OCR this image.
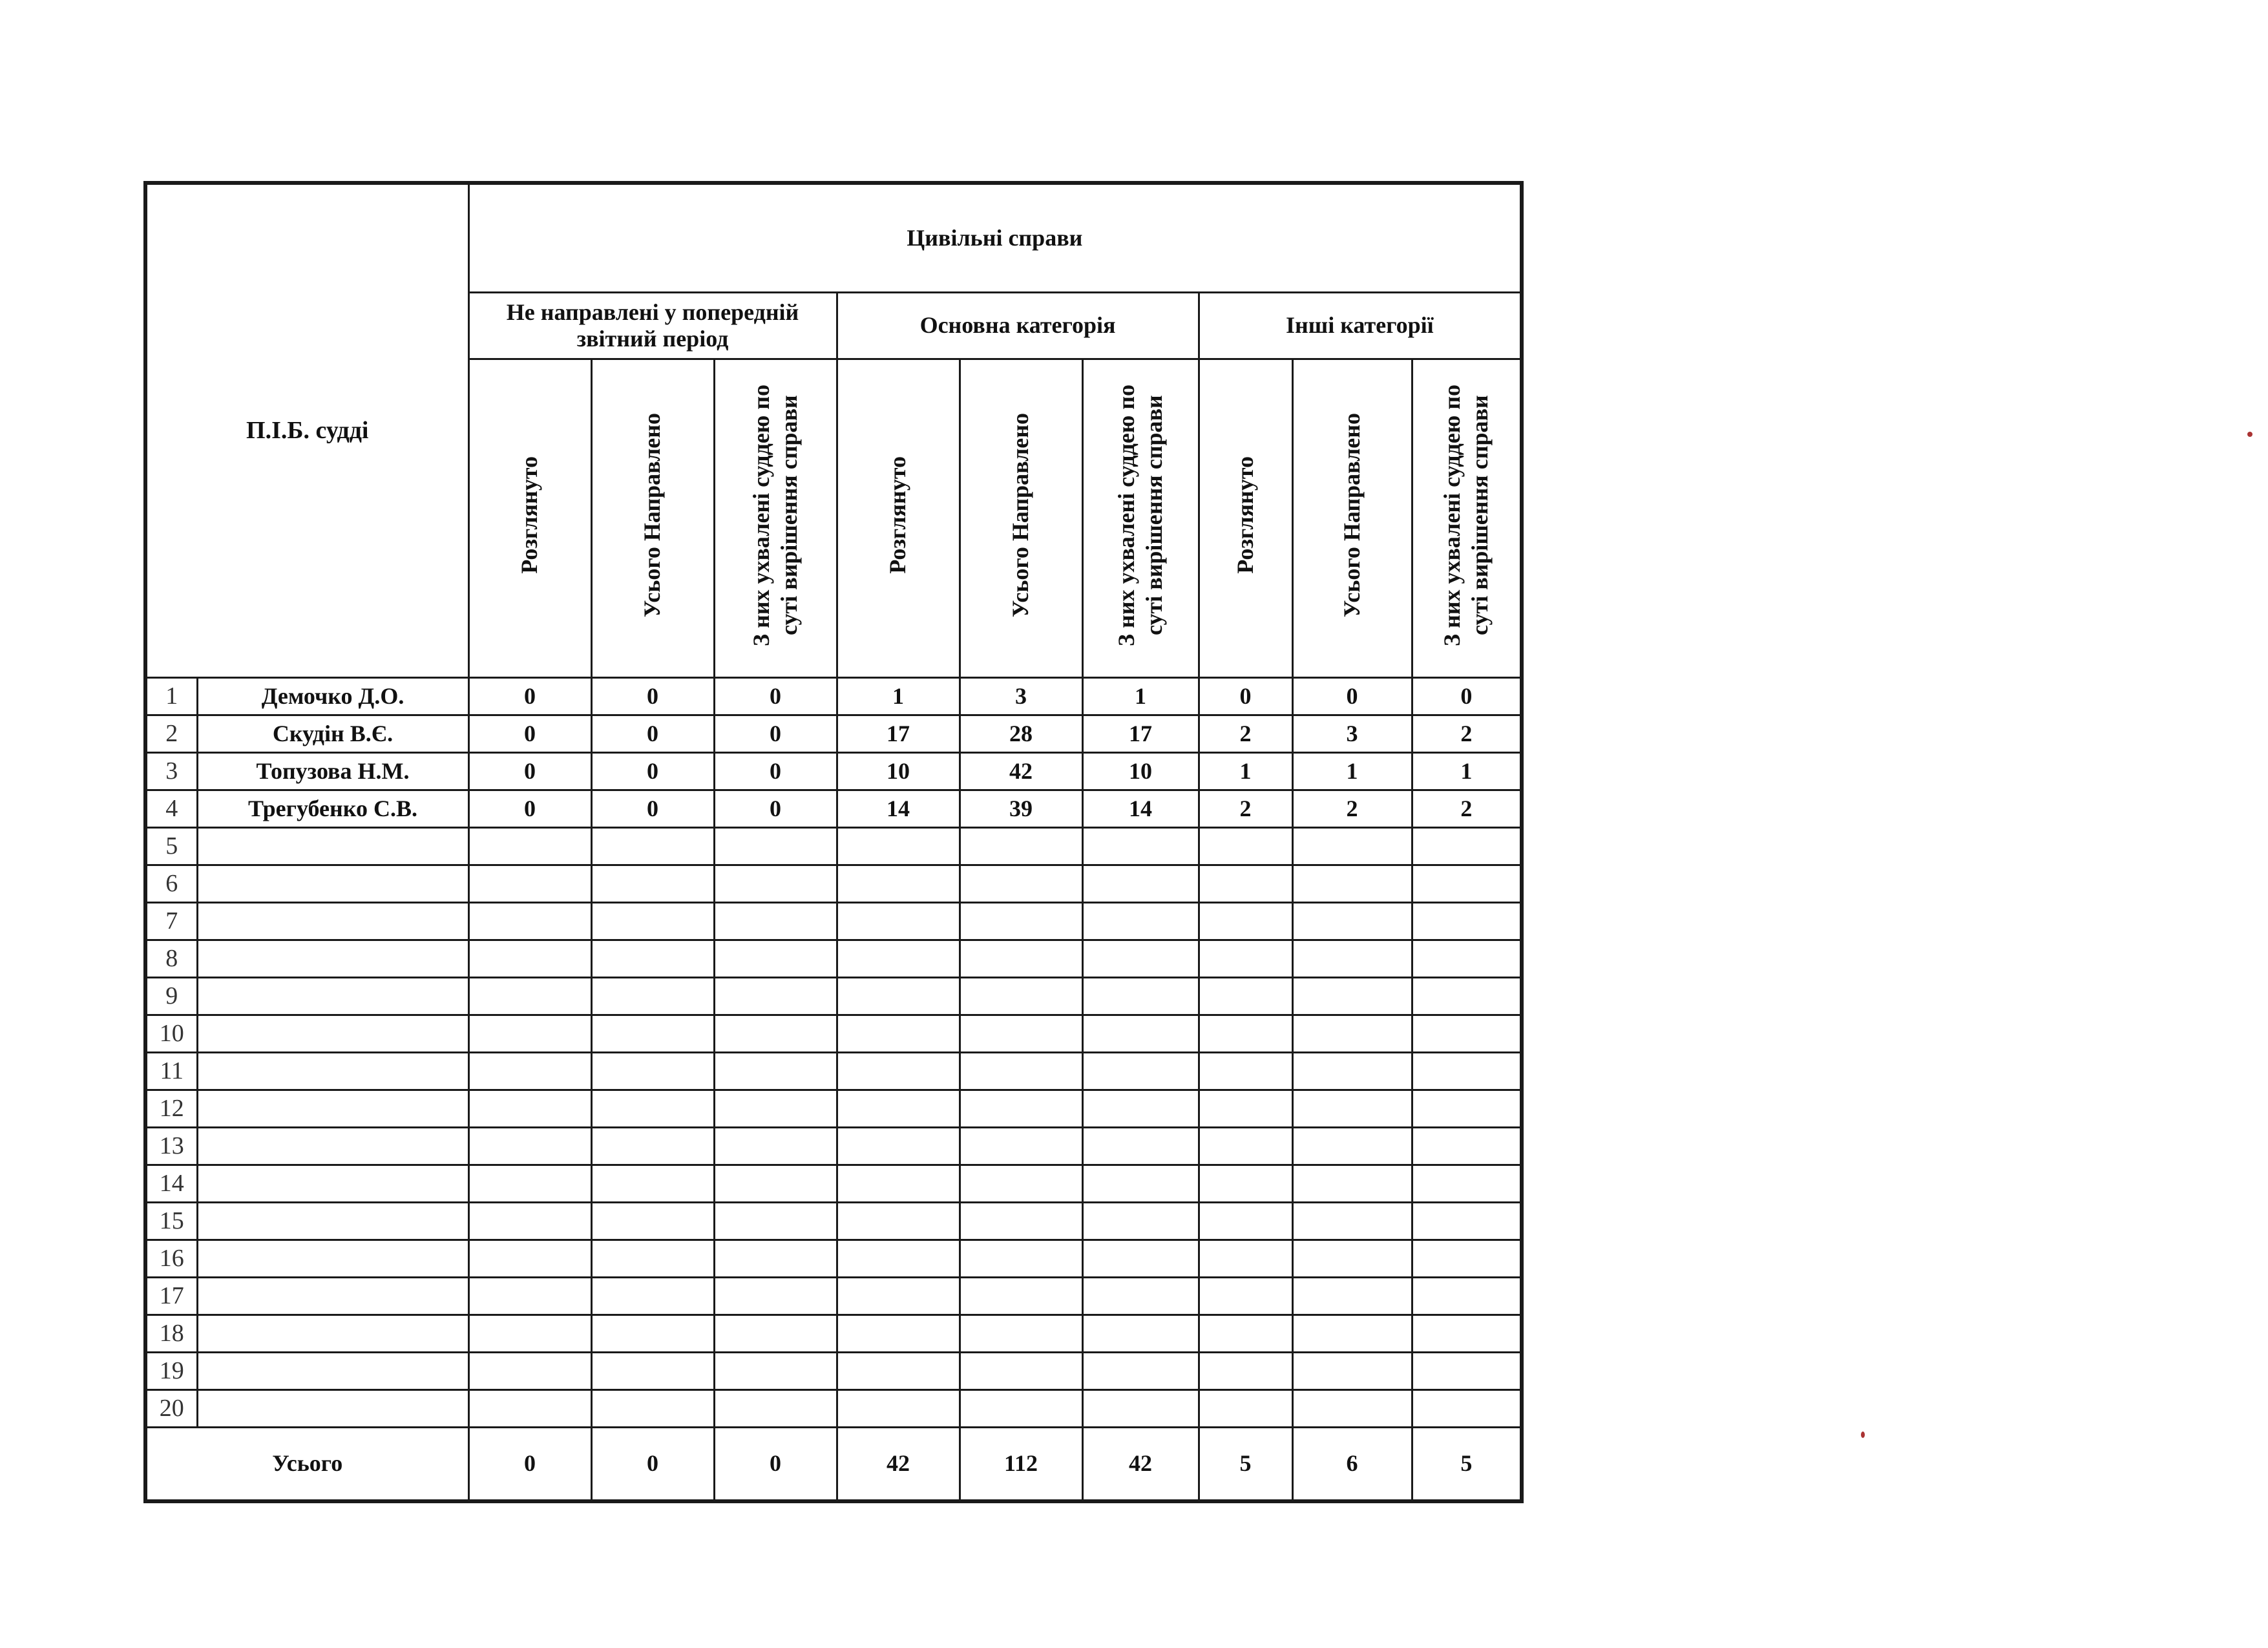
П.І.Б. судді		Цивільні справи								
		Не направлені у попередній звітний період			Основна категорія			Інші категорії		
		Розглянуто	Усього Направлено	З них ухвалені суддею по суті вирішення справи	Розглянуто	Усього Направлено	З них ухвалені суддею по суті вирішення справи	Розглянуто	Усього Направлено	З них ухвалені суддею по суті вирішення справи
1	Демочко Д.О.	0	0	0	1	3	1	0	0	0
2	Скудін В.Є.	0	0	0	17	28	17	2	3	2
3	Топузова Н.М.	0	0	0	10	42	10	1	1	1
4	Трегубенко С.В.	0	0	0	14	39	14	2	2	2
5										
6										
7										
8										
9										
10										
11										
12										
13										
14										
15										
16										
17										
18										
19										
20										
Усього		0	0	0	42	112	42	5	6	5
